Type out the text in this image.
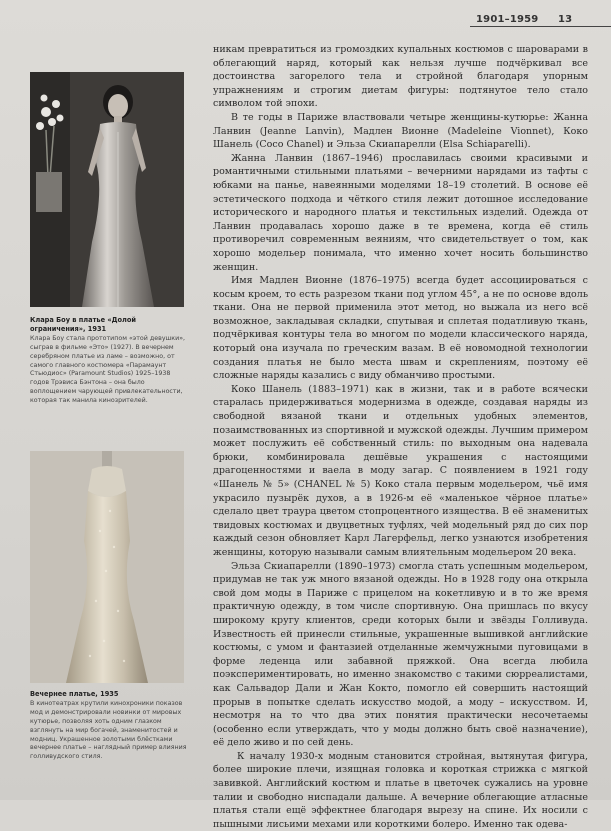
1901–1959 13
Клара Боу в платье «Долой ограничения», 1931
Клара Боу стала прототипом «этой девушки», сыграв в фильме «Это» (1927). В вечернем серебряном платье из ламе – возможно, от самого главного костюмера «Парамаунт Стьюдиос» (Paramount Studios) 1925–1938 годов Трэвиса Бэнтона – она было воплощением чарующей привлекательности, которая так манила кинозрителей.
Вечернее платье, 1935
В кинотеатрах крутили кинохроники показов мод и демонстрировали новинки от мировых кутюрье, позволяя хоть одним глазком взглянуть на мир богачей, знаменитостей и модниц. Украшенное золотыми блёстками вечернее платье – наглядный пример влияния голливудского стиля.

никам превратиться из громоздких купальных костюмов с шароварами в облегающий наряд, который как нельзя лучше подчёркивал все достоинства загорелого тела и стройной благодаря упорным упражнениям и строгим диетам фигуры: подтянутое тело стало символом той эпохи.

В те годы в Париже властвовали четыре женщины-кутюрье: Жанна Ланвин (Jeanne Lanvin), Мадлен Вионне (Madeleine Vionnet), Коко Шанель (Coco Chanel) и Эльза Скиапарелли (Elsa Schiaparelli).

Жанна Ланвин (1867–1946) прославилась своими красивыми и романтичными стильными платьями – вечерними нарядами из тафты с юбками на панье, навеянными моделями 18–19 столетий. В основе её эстетического подхода и чёткого стиля лежит дотошное исследование исторического и народного платья и текстильных изделий. Одежда от Ланвин продавалась хорошо даже в те времена, когда её стиль противоречил современным веяниям, что свидетельствует о том, как хорошо модельер понимала, что именно хочет носить большинство женщин.

Имя Мадлен Вионне (1876–1975) всегда будет ассоциироваться с косым кроем, то есть разрезом ткани под углом 45°, а не по основе вдоль ткани. Она не первой применила этот метод, но выжала из него всё возможное, закладывая складки, спутывая и сплетая податливую ткань, подчёркивая контуры тела во многом по модели классического наряда, который она изучала по греческим вазам. В её новомодной технологии создания платья не было места швам и скреплениям, поэтому её сложные наряды казались с виду обманчиво простыми.

Коко Шанель (1883–1971) как в жизни, так и в работе всячески старалась придерживаться модернизма в одежде, создавая наряды из свободной вязаной ткани и отдельных удобных элементов, позаимствованных из спортивной и мужской одежды. Лучшим примером может послужить её собственный стиль: по выходным она надевала брюки, комбинировала дешёвые украшения с настоящими драгоценностями и ваела в моду загар. С появлением в 1921 году «Шанель № 5» (CHANEL № 5) Коко стала первым модельером, чьё имя украсило пузырёк духов, а в 1926-м её «маленькое чёрное платье» сделало цвет траура цветом стопроцентного изящества. В её знаменитых твидовых костюмах и двуцветных туфлях, чей модельный ряд до сих пор каждый сезон обновляет Карл Лагерфельд, легко узнаются изобретения женщины, которую называли самым влиятельным модельером 20 века.

Эльза Скиапарелли (1890–1973) смогла стать успешным модельером, придумав не так уж много вязаной одежды. Но в 1928 году она открыла свой дом моды в Париже с прицелом на кокетливую и в то же время практичную одежду, в том числе спортивную. Она пришлась по вкусу широкому кругу клиентов, среди которых были и звёзды Голливуда. Известность ей принесли стильные, украшенные вышивкой английские костюмы, с умом и фантазией отделанные жемчужными пуговицами в форме леденца или забавной пряжкой. Она всегда любила поэкспериментировать, но именно знакомство с такими сюрреалистами, как Сальвадор Дали и Жан Кокто, помогло ей совершить настоящий прорыв в попытке сделать искусство модой, а моду – искусством. И, несмотря на то что два этих понятия практически несочетаемы (особенно если утверждать, что у моды должно быть своё назначение), её дело живо и по сей день.

К началу 1930-х модным становится стройная, вытянутая фигура, более широкие плечи, изящная головка и короткая стрижка с мягкой завивкой. Английский костюм и платье в цветочек сужались на уровне талии и свободно ниспадали дальше. А вечерние облегающие атласные платья стали ещё эффектнее благодаря вырезу на спине. Их носили с пышными лисьими мехами или короткими болеро. Именно так одева-
